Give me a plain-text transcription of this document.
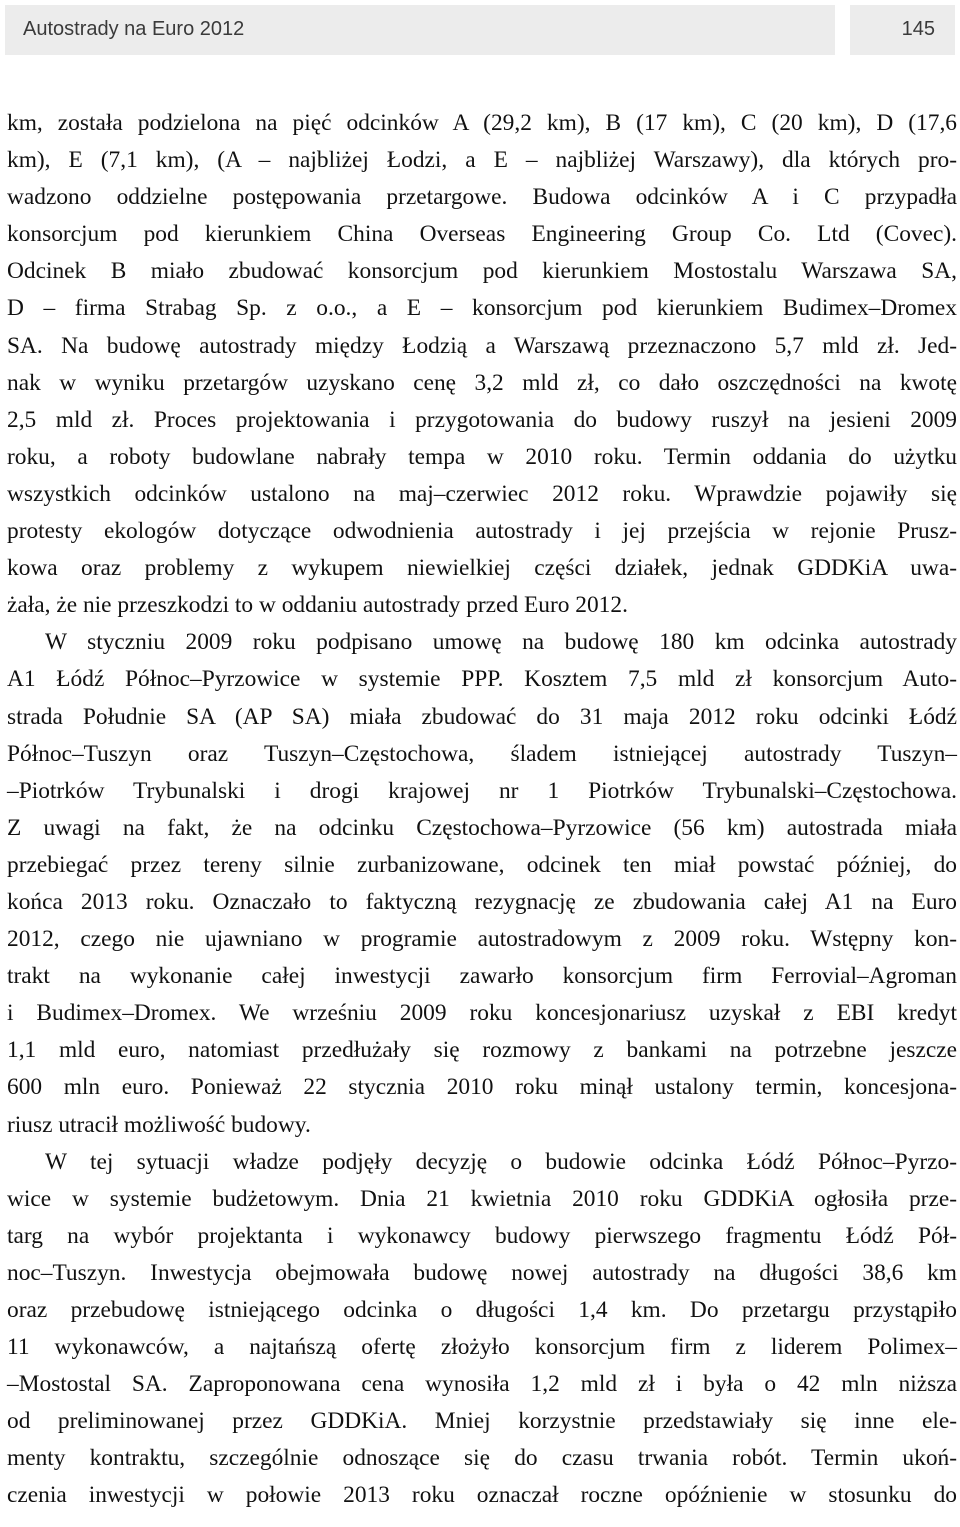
Autostrady na Euro 2012	145
km, została podzielona na pięć odcinków A (29,2 km), B (17 km), C (20 km), D (17,6
km), E (7,1 km), (A – najbliżej Łodzi, a E – najbliżej Warszawy), dla których pro-
wadzono oddzielne postępowania przetargowe. Budowa odcinków A i C przypadła
konsorcjum pod kierunkiem China Overseas Engineering Group Co. Ltd (Covec).
Odcinek B miało zbudować konsorcjum pod kierunkiem Mostostalu Warszawa SA,
D – firma Strabag Sp. z o.o., a E – konsorcjum pod kierunkiem Budimex–Dromex
SA. Na budowę autostrady między Łodzią a Warszawą przeznaczono 5,7 mld zł. Jed-
nak w wyniku przetargów uzyskano cenę 3,2 mld zł, co dało oszczędności na kwotę
2,5 mld zł. Proces projektowania i przygotowania do budowy ruszył na jesieni 2009
roku, a roboty budowlane nabrały tempa w 2010 roku. Termin oddania do użytku
wszystkich odcinków ustalono na maj–czerwiec 2012 roku. Wprawdzie pojawiły się
protesty ekologów dotyczące odwodnienia autostrady i jej przejścia w rejonie Prusz-
kowa oraz problemy z wykupem niewielkiej części działek, jednak GDDKiA uwa-
żała, że nie przeszkodzi to w oddaniu autostrady przed Euro 2012.
W styczniu 2009 roku podpisano umowę na budowę 180 km odcinka autostrady
A1 Łódź Północ–Pyrzowice w systemie PPP. Kosztem 7,5 mld zł konsorcjum Auto-
strada Południe SA (AP SA) miała zbudować do 31 maja 2012 roku odcinki Łódź
Północ–Tuszyn oraz Tuszyn–Częstochowa, śladem istniejącej autostrady Tuszyn–
–Piotrków Trybunalski i drogi krajowej nr 1 Piotrków Trybunalski–Częstochowa.
Z uwagi na fakt, że na odcinku Częstochowa–Pyrzowice (56 km) autostrada miała
przebiegać przez tereny silnie zurbanizowane, odcinek ten miał powstać później, do
końca 2013 roku. Oznaczało to faktyczną rezygnację ze zbudowania całej A1 na Euro
2012, czego nie ujawniano w programie autostradowym z 2009 roku. Wstępny kon-
trakt na wykonanie całej inwestycji zawarło konsorcjum firm Ferrovial–Agroman
i Budimex–Dromex. We wrześniu 2009 roku koncesjonariusz uzyskał z EBI kredyt
1,1 mld euro, natomiast przedłużały się rozmowy z bankami na potrzebne jeszcze
600 mln euro. Ponieważ 22 stycznia 2010 roku minął ustalony termin, koncesjona-
riusz utracił możliwość budowy.
W tej sytuacji władze podjęły decyzję o budowie odcinka Łódź Północ–Pyrzo-
wice w systemie budżetowym. Dnia 21 kwietnia 2010 roku GDDKiA ogłosiła prze-
targ na wybór projektanta i wykonawcy budowy pierwszego fragmentu Łódź Pół-
noc–Tuszyn. Inwestycja obejmowała budowę nowej autostrady na długości 38,6 km
oraz przebudowę istniejącego odcinka o długości 1,4 km. Do przetargu przystąpiło
11 wykonawców, a najtańszą ofertę złożyło konsorcjum firm z liderem Polimex–
–Mostostal SA. Zaproponowana cena wynosiła 1,2 mld zł i była o 42 mln niższa
od preliminowanej przez GDDKiA. Mniej korzystnie przedstawiały się inne ele-
menty kontraktu, szczególnie odnoszące się do czasu trwania robót. Termin ukoń-
czenia inwestycji w połowie 2013 roku oznaczał roczne opóźnienie w stosunku do
